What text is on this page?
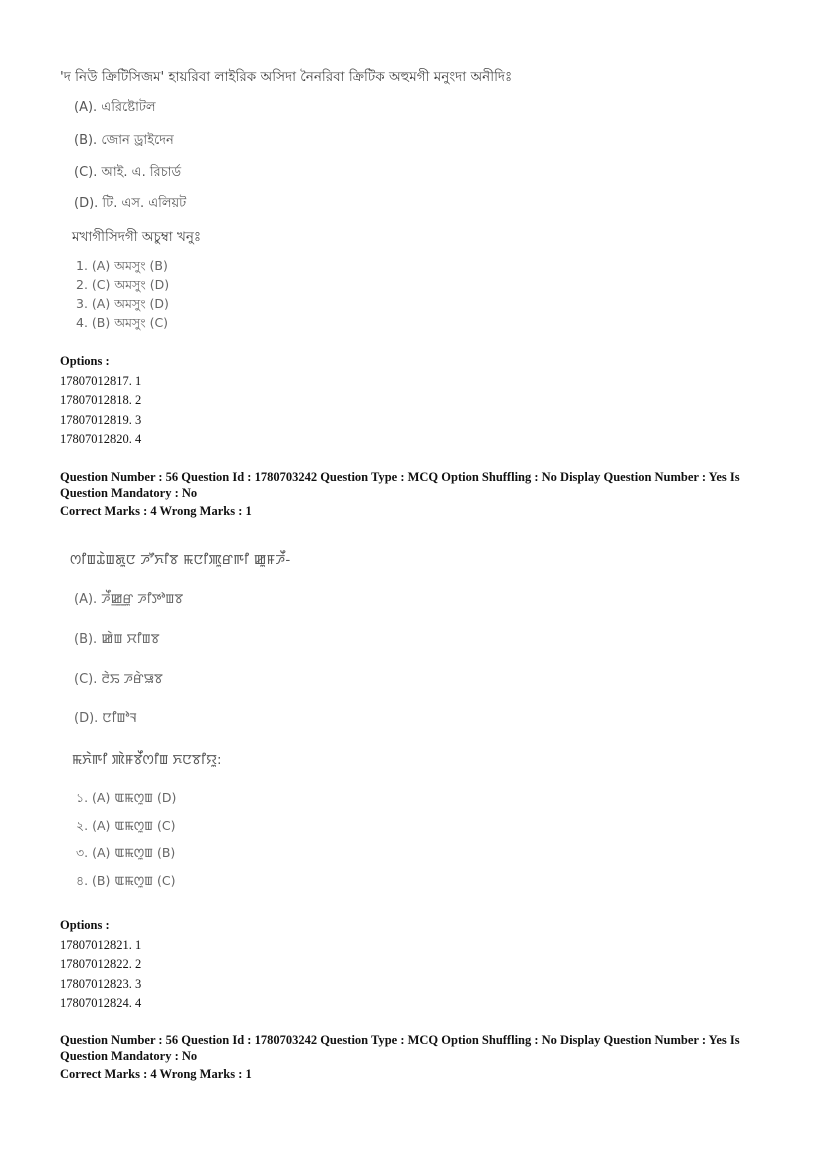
'দ নিউ ক্রিটিসিজম' হায়রিবা লাইরিক অসিদা নৈনরিবা ক্রিটিক অহুমগী মনুংদা অনীদিঃ
(A). এরিষ্টোটল
(B). জোন ড্রাইদেন
(C). আই. এ. রিচার্ড
(D). টি. এস. এলিয়ট
মখাগীসিদগী অচুম্বা খনুঃ
1. (A) অমসুং (B)
2. (C) অমসুং (D)
3. (A) অমসুং (D)
4. (B) অমসুং (C)
Options :
17807012817. 1
17807012818. 2
17807012819. 3
17807012820. 4
Question Number : 56 Question Id : 1780703242 Question Type : MCQ Option Shuffling : No Display Question Number : Yes Is
Question Mandatory : No
Correct Marks : 4 Wrong Marks : 1
ꯁꯤꯡꯊꯥꯡꯗꯨꯅ ꯍꯧꯈꯤꯕ ꯃꯅꯤꯄꯨꯔꯒꯤ ꯀꯨꯝꯍꯩ-
(A). ꯍꯩꯀ꯭ꯔꯨ ꯍꯤꯇꯣꯡꯕ
(B). ꯀꯥꯡ ꯆꯤꯡꯕ
(C). ꯂꯥꯢ ꯍꯔꯥꯎꯕ
(D). ꯅꯤꯡꯣꯜ
ꯃꯈꯥꯒꯤ ꯄꯥꯝꯕꯩꯁꯤꯡ ꯈꯅꯕꯤꯌꯨ:
১. (A) ꯑꯃꯁꯨꯡ (D)
২. (A) ꯑꯃꯁꯨꯡ (C)
৩. (A) ꯑꯃꯁꯨꯡ (B)
৪. (B) ꯑꯃꯁꯨꯡ (C)
Options :
17807012821. 1
17807012822. 2
17807012823. 3
17807012824. 4
Question Number : 56 Question Id : 1780703242 Question Type : MCQ Option Shuffling : No Display Question Number : Yes Is
Question Mandatory : No
Correct Marks : 4 Wrong Marks : 1
